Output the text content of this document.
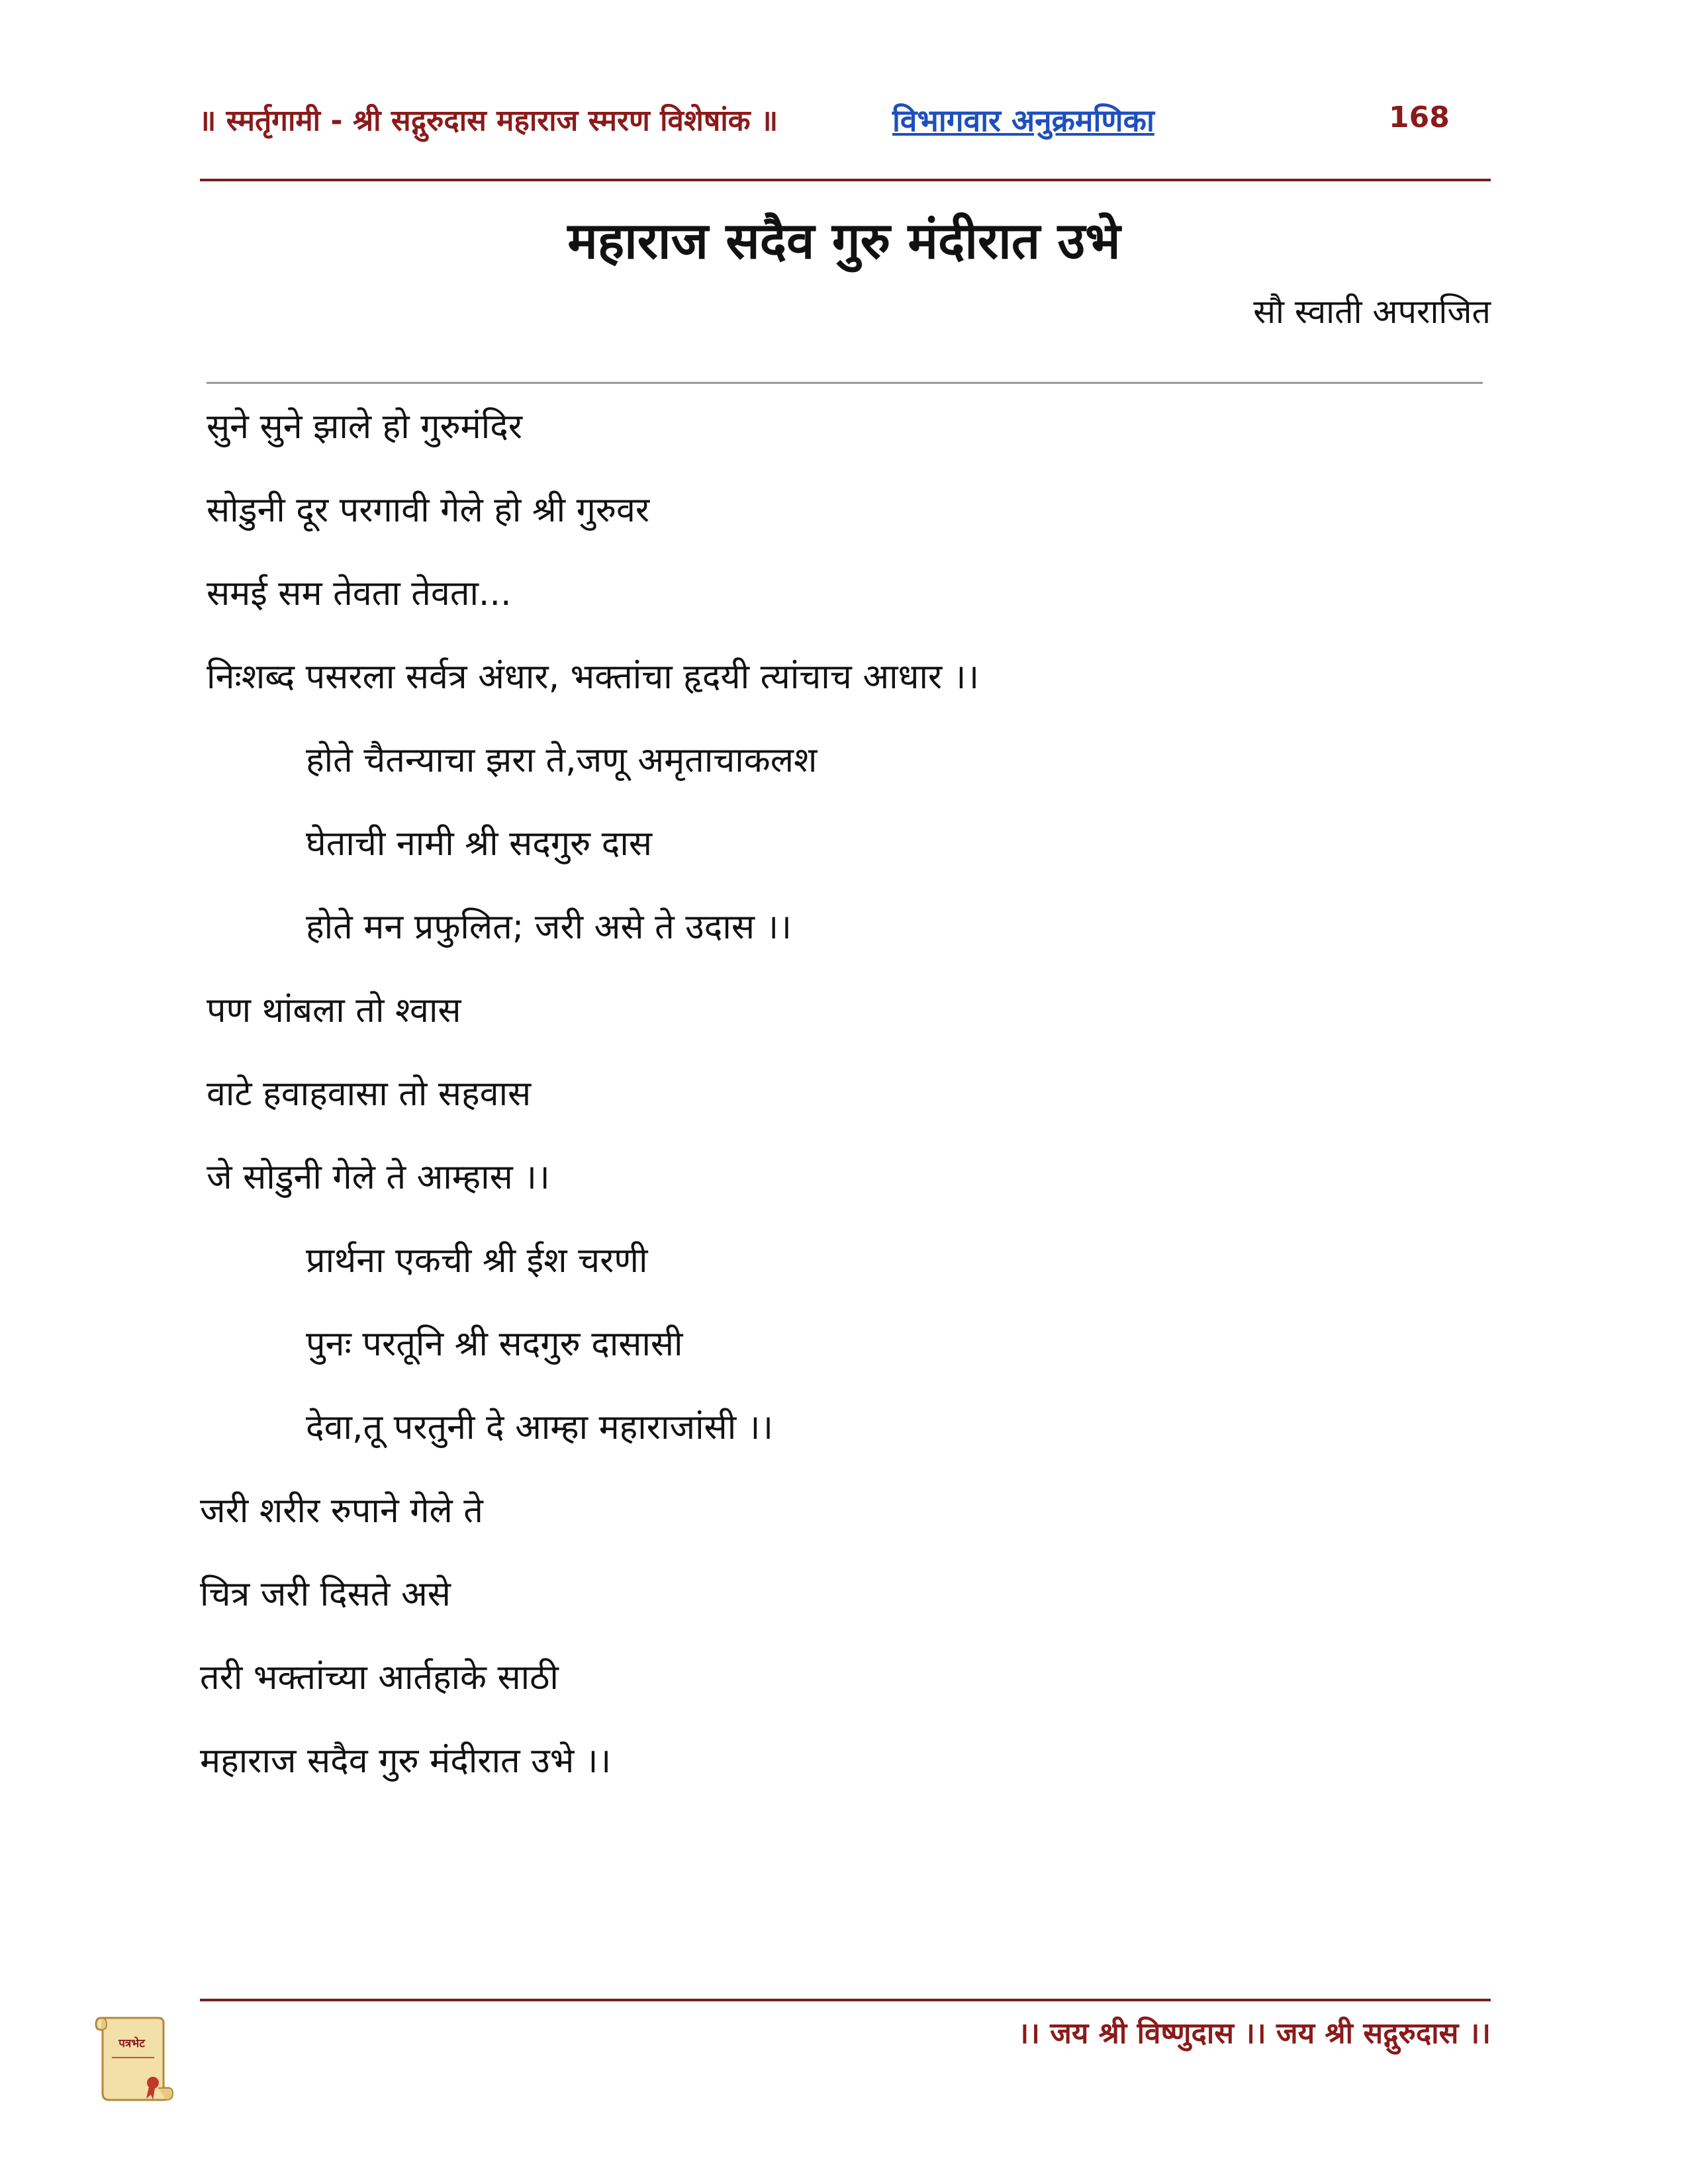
॥ स्मर्तृगामी - श्री सद्गुरुदास महाराज स्मरण विशेषांक ॥	विभागवार अनुक्रमणिका	168
महाराज सदैव गुरु मंदीरात उभे
सौ स्वाती अपराजित
सुने सुने झाले हो गुरुमंदिर
सोडुनी दूर परगावी गेले हो श्री गुरुवर
समई सम तेवता तेवता...
निःशब्द पसरला सर्वत्र अंधार, भक्तांचा हृदयी त्यांचाच आधार ।।
होते चैतन्याचा झरा ते,जणू अमृताचाकलश
घेताची नामी श्री सदगुरु दास
होते मन प्रफुलित; जरी असे ते उदास ।।
पण थांबला तो श्वास
वाटे हवाहवासा तो सहवास
जे सोडुनी गेले ते आम्हास ।।
प्रार्थना एकची श्री ईश चरणी
पुनः परतूनि श्री सदगुरु दासासी
देवा,तू परतुनी दे आम्हा महाराजांसी ।।
जरी शरीर रुपाने गेले ते
चित्र जरी दिसते असे
तरी भक्तांच्या आर्तहाके साठी
महाराज सदैव गुरु मंदीरात उभे ।।
।। जय श्री विष्णुदास ।। जय श्री सद्गुरुदास ।।
पत्रभेट
